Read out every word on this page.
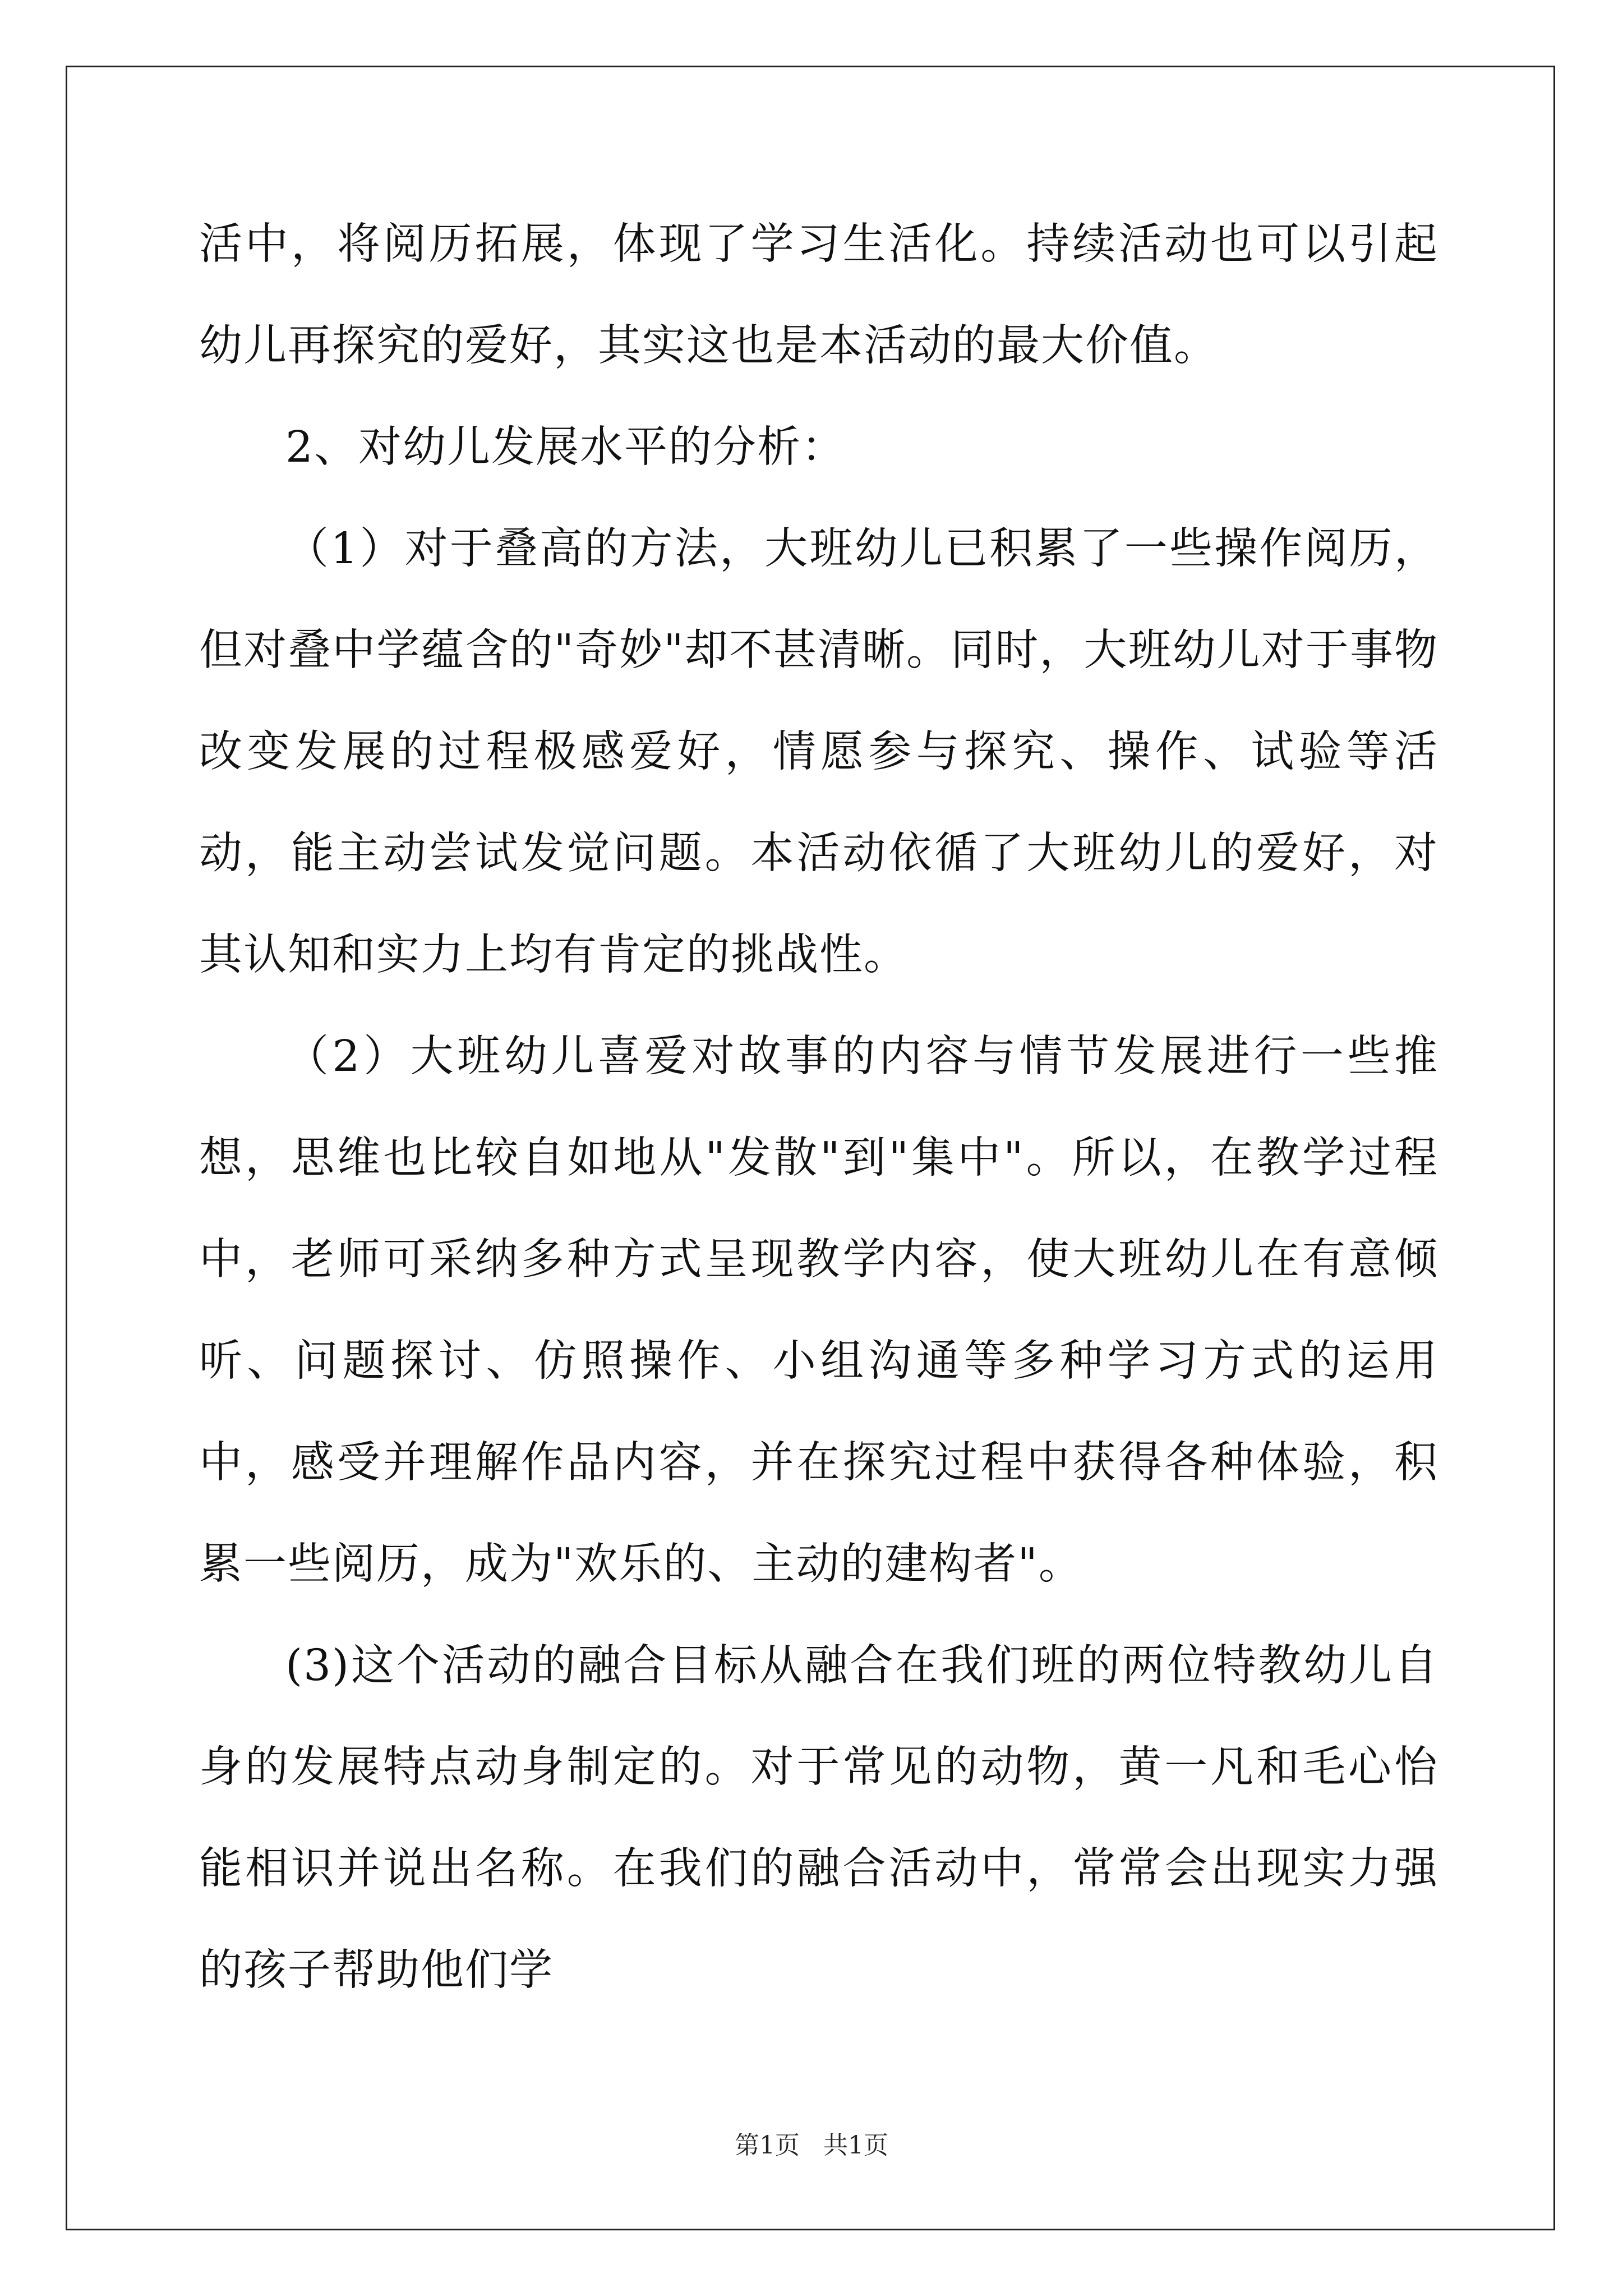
活中，将阅历拓展，体现了学习生活化。持续活动也可以引起幼儿再探究的爱好，其实这也是本活动的最大价值。

2、对幼儿发展水平的分析：

（1）对于叠高的方法，大班幼儿已积累了一些操作阅历，但对叠中学蕴含的"奇妙"却不甚清晰。同时，大班幼儿对于事物改变发展的过程极感爱好，情愿参与探究、操作、试验等活动，能主动尝试发觉问题。本活动依循了大班幼儿的爱好，对其认知和实力上均有肯定的挑战性。

（2）大班幼儿喜爱对故事的内容与情节发展进行一些推想，思维也比较自如地从"发散"到"集中"。所以，在教学过程中，老师可采纳多种方式呈现教学内容，使大班幼儿在有意倾听、问题探讨、仿照操作、小组沟通等多种学习方式的运用中，感受并理解作品内容，并在探究过程中获得各种体验，积累一些阅历，成为"欢乐的、主动的建构者"。

(3)这个活动的融合目标从融合在我们班的两位特教幼儿自身的发展特点动身制定的。对于常见的动物，黄一凡和毛心怡能相识并说出名称。在我们的融合活动中，常常会出现实力强的孩子帮助他们学

第1页 共1页
